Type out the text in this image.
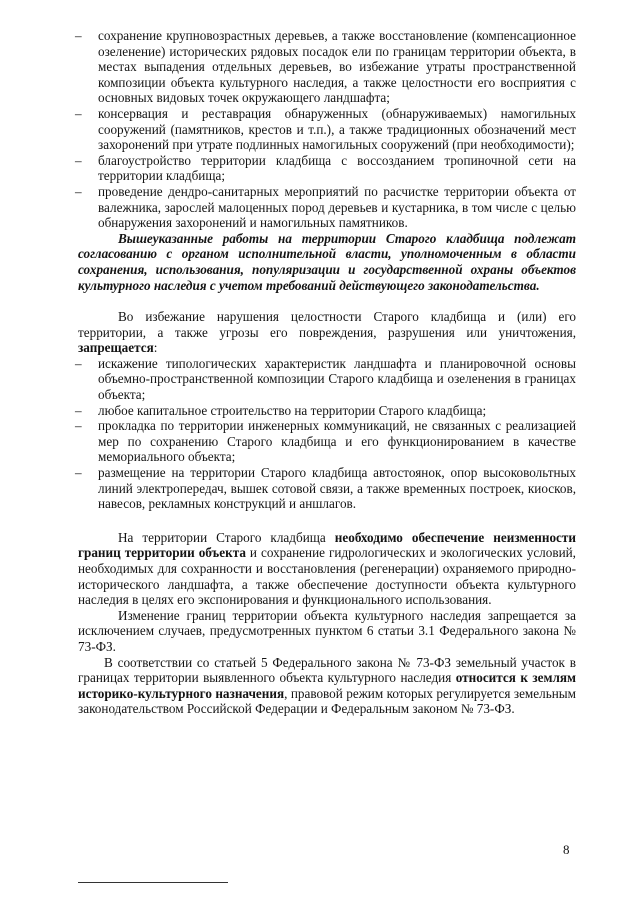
– сохранение крупновозрастных деревьев, а также восстановление (компенсационное озеленение) исторических рядовых посадок ели по границам территории объекта, в местах выпадения отдельных деревьев, во избежание утраты пространственной композиции объекта культурного наследия, а также целостности его восприятия с основных видовых точек окружающего ландшафта;

– консервация и реставрация обнаруженных (обнаруживаемых) намогильных сооружений (памятников, крестов и т.п.), а также традиционных обозначений мест захоронений при утрате подлинных намогильных сооружений (при необходимости);

– благоустройство территории кладбища с воссозданием тропиночной сети на территории кладбища;

– проведение дендро-санитарных мероприятий по расчистке территории объекта от валежника, зарослей малоценных пород деревьев и кустарника, в том числе с целью обнаружения захоронений и намогильных памятников.

Вышеуказанные работы на территории Старого кладбища подлежат согласованию с органом исполнительной власти, уполномоченным в области сохранения, использования, популяризации и государственной охраны объектов культурного наследия с учетом требований действующего законодательства.

Во избежание нарушения целостности Старого кладбища и (или) его территории, а также угрозы его повреждения, разрушения или уничтожения, запрещается:

– искажение типологических характеристик ландшафта и планировочной основы объемно-пространственной композиции Старого кладбища и озеленения в границах объекта;

– любое капитальное строительство на территории Старого кладбища;

– прокладка по территории инженерных коммуникаций, не связанных с реализацией мер по сохранению Старого кладбища и его функционированием в качестве мемориального объекта;

– размещение на территории Старого кладбища автостоянок, опор высоковольтных линий электропередач, вышек сотовой связи, а также временных построек, киосков, навесов, рекламных конструкций и аншлагов.

На территории Старого кладбища необходимо обеспечение неизменности границ территории объекта и сохранение гидрологических и экологических условий, необходимых для сохранности и восстановления (регенерации) охраняемого природно-исторического ландшафта, а также обеспечение доступности объекта культурного наследия в целях его экспонирования и функционального использования.

Изменение границ территории объекта культурного наследия запрещается за исключением случаев, предусмотренных пунктом 6 статьи 3.1 Федерального закона № 73-ФЗ.

В соответствии со статьей 5 Федерального закона № 73-ФЗ земельный участок в границах территории выявленного объекта культурного наследия относится к землям историко-культурного назначения, правовой режим которых регулируется земельным законодательством Российской Федерации и Федеральным законом № 73-ФЗ.

8
